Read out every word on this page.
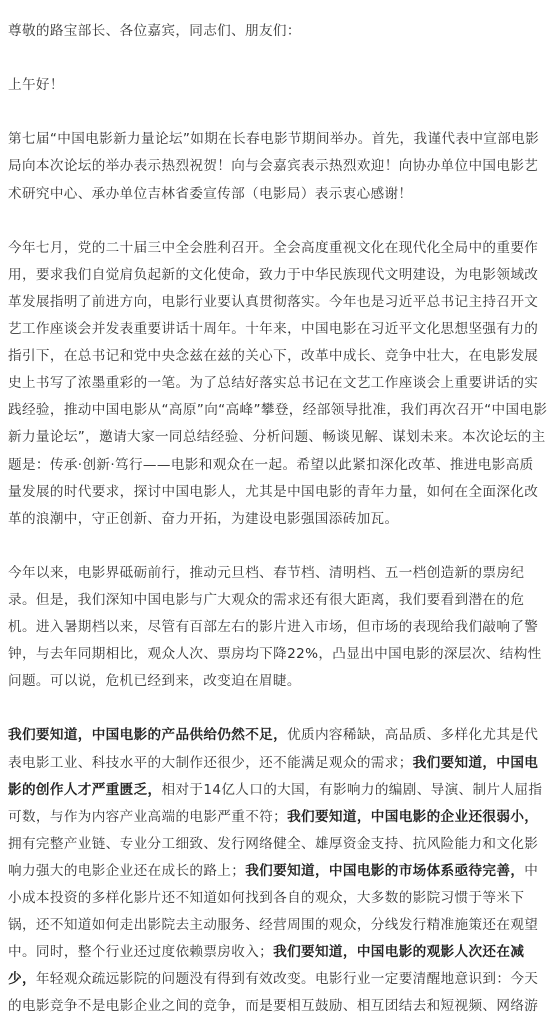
尊敬的路宝部长、各位嘉宾，同志们、朋友们：
上午好！
第 七 届 “ 中 国 电 影 新 力 量 论 坛 ” 如 期 在 长 春 电 影 节 期 间 举 办 。 首 先 ， 我 谨 代 表 中 宣 部 电 影
局 向 本 次 论 坛 的 举 办 表 示 热 烈 祝 贺 ！ 向 与 会 嘉 宾 表 示 热 烈 欢 迎 ！ 向 协 办 单 位 中 国 电 影 艺
术研究中心、承办单位吉林省委宣传部（电影局）表示衷心感谢！
今 年 七 月 ， 党 的 二 十 届 三 中 全 会 胜 利 召 开 。 全 会 高 度 重 视 文 化 在 现 代 化 全 局 中 的 重 要 作
用 ， 要 求 我 们 自 觉 肩 负 起 新 的 文 化 使 命 ， 致 力 于 中 华 民 族 现 代 文 明 建 设 ， 为 电 影 领 域 改
革 发 展 指 明 了 前 进 方 向 ， 电 影 行 业 要 认 真 贯 彻 落 实 。 今 年 也 是 习 近 平 总 书 记 主 持 召 开 文
艺 工 作 座 谈 会 并 发 表 重 要 讲 话 十 周 年 。 十 年 来 ， 中 国 电 影 在 习 近 平 文 化 思 想 坚 强 有 力 的
指 引 下 ， 在 总 书 记 和 党 中 央 念 兹 在 兹 的 关 心 下 ， 改 革 中 成 长 、 竞 争 中 壮 大 ， 在 电 影 发 展
史 上 书 写 了 浓 墨 重 彩 的 一 笔 。 为 了 总 结 好 落 实 总 书 记 在 文 艺 工 作 座 谈 会 上 重 要 讲 话 的 实
践 经 验 ， 推 动 中 国 电 影 从 “ 高 原 ” 向 “ 高 峰 ” 攀 登 ， 经 部 领 导 批 准 ， 我 们 再 次 召 开 “ 中 国 电 影
新 力 量 论 坛 ” ， 邀 请 大 家 一 同 总 结 经 验 、 分 析 问 题 、 畅 谈 见 解 、 谋 划 未 来 。 本 次 论 坛 的 主
题 是 ： 传 承 · 创 新 · 笃 行 — — 电 影 和 观 众 在 一 起 。 希 望 以 此 紧 扣 深 化 改 革 、 推 进 电 影 高 质
量 发 展 的 时 代 要 求 ， 探 讨 中 国 电 影 人 ， 尤 其 是 中 国 电 影 的 青 年 力 量 ， 如 何 在 全 面 深 化 改
革的浪潮中，守正创新、奋力开拓，为建设电影强国添砖加瓦。
今 年 以 来 ， 电 影 界 砥 砺 前 行 ， 推 动 元 旦 档 、 春 节 档 、 清 明 档 、 五 一 档 创 造 新 的 票 房 纪
录 。 但 是 ， 我 们 深 知 中 国 电 影 与 广 大 观 众 的 需 求 还 有 很 大 距 离 ， 我 们 要 看 到 潜 在 的 危
机 。 进 入 暑 期 档 以 来 ， 尽 管 有 百 部 左 右 的 影 片 进 入 市 场 ， 但 市 场 的 表 现 给 我 们 敲 响 了 警
钟 ， 与 去 年 同 期 相 比 ， 观 众 人 次 、 票 房 均 下 降 2 2 % ， 凸 显 出 中 国 电 影 的 深 层 次 、 结 构 性
问题。可以说，危机已经到来，改变迫在眉睫。
我 们 要 知 道 ， 中 国 电 影 的 产 品 供 给 仍 然 不 足 ， 优 质 内 容 稀 缺 ， 高 品 质 、 多 样 化 尤 其 是 代
表 电 影 工 业 、 科 技 水 平 的 大 制 作 还 很 少 ， 还 不 能 满 足 观 众 的 需 求 ； 我 们 要 知 道 ， 中 国 电
影 的 创 作 人 才 严 重 匮 乏 ， 相 对 于 1 4 亿 人 口 的 大 国 ， 有 影 响 力 的 编 剧 、 导 演 、 制 片 人 屈 指
可 数 ， 与 作 为 内 容 产 业 高 端 的 电 影 严 重 不 符 ； 我 们 要 知 道 ， 中 国 电 影 的 企 业 还 很 弱 小 ，
拥 有 完 整 产 业 链 、 专 业 分 工 细 致 、 发 行 网 络 健 全 、 雄 厚 资 金 支 持 、 抗 风 险 能 力 和 文 化 影
响 力 强 大 的 电 影 企 业 还 在 成 长 的 路 上 ； 我 们 要 知 道 ， 中 国 电 影 的 市 场 体 系 亟 待 完 善 ， 中
小 成 本 投 资 的 多 样 化 影 片 还 不 知 道 如 何 找 到 各 自 的 观 众 ， 大 多 数 的 影 院 习 惯 于 等 米 下
锅 ， 还 不 知 道 如 何 走 出 影 院 去 主 动 服 务 、 经 营 周 围 的 观 众 ， 分 线 发 行 精 准 施 策 还 在 观 望
中 。 同 时 ， 整 个 行 业 还 过 度 依 赖 票 房 收 入 ； 我 们 要 知 道 ， 中 国 电 影 的 观 影 人 次 还 在 减
少 ， 年 轻 观 众 疏 远 影 院 的 问 题 没 有 得 到 有 效 改 变 。 电 影 行 业 一 定 要 清 醒 地 意 识 到 ： 今 天
的 电 影 竞 争 不 是 电 影 企 业 之 间 的 竞 争 ， 而 是 要 相 互 鼓 励 、 相 互 团 结 去 和 短 视 频 、 网 络 游
